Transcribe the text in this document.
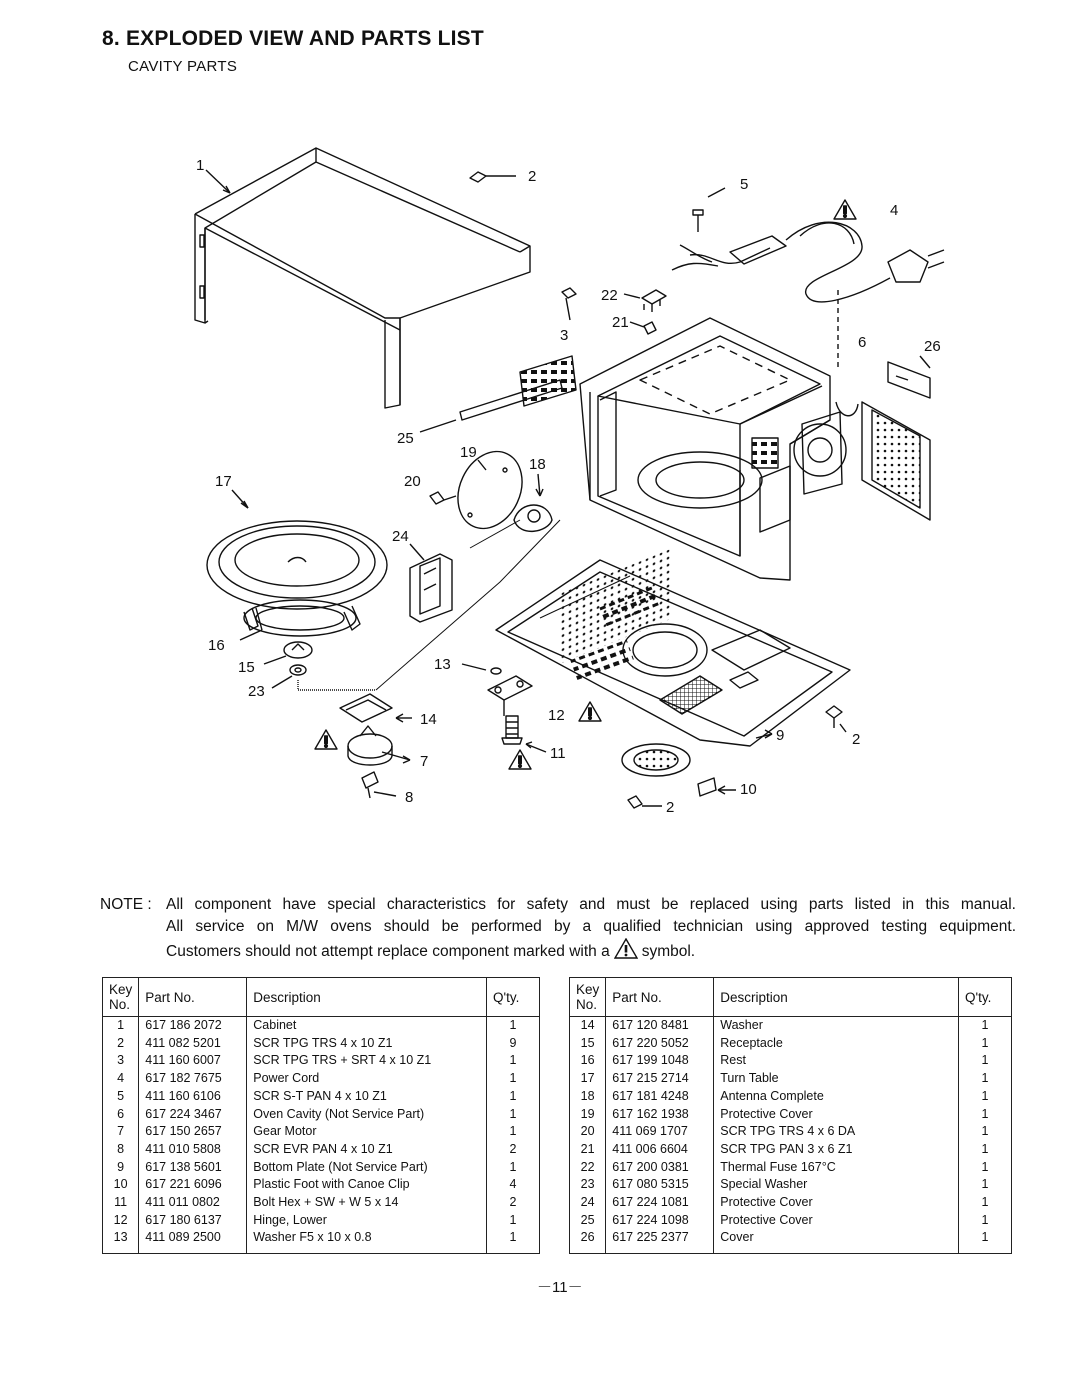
8. EXPLODED VIEW AND PARTS LIST
CAVITY PARTS
1
2	5
4
22
21
3	6	26
25
19
18
17	20
24
16
15	13
23
14	12
7	11
9	2
8	10
2
NOTE : All component have special characteristics for safety and must be replaced using parts listed in this manual.
All service on M/W ovens should be performed by a qualified technician using approved testing equipment.
Customers should not attempt replace component marked with a symbol.
Key
No.	Part No.	Description	Q'ty.
1	617 186 2072	Cabinet	1
2	411 082 5201	SCR TPG TRS 4 x 10 Z1	9
3	411 160 6007	SCR TPG TRS + SRT 4 x 10 Z1	1
4	617 182 7675	Power Cord	1
5	411 160 6106	SCR S-T PAN 4 x 10 Z1	1
6	617 224 3467	Oven Cavity (Not Service Part)	1
7	617 150 2657	Gear Motor	1
8	411 010 5808	SCR EVR PAN 4 x 10 Z1	2
9	617 138 5601	Bottom Plate (Not Service Part)	1
10	617 221 6096	Plastic Foot with Canoe Clip	4
11	411 011 0802	Bolt Hex + SW + W 5 x 14	2
12	617 180 6137	Hinge, Lower	1
13	411 089 2500	Washer F5 x 10 x 0.8	1
Key
No.	Part No.	Description	Q'ty.
14	617 120 8481	Washer	1
15	617 220 5052	Receptacle	1
16	617 199 1048	Rest	1
17	617 215 2714	Turn Table	1
18	617 181 4248	Antenna Complete	1
19	617 162 1938	Protective Cover	1
20	411 069 1707	SCR TPG TRS 4 x 6 DA	1
21	411 006 6604	SCR TPG PAN 3 x 6 Z1	1
22	617 200 0381	Thermal Fuse 167°C	1
23	617 080 5315	Special Washer	1
24	617 224 1081	Protective Cover	1
25	617 224 1098	Protective Cover	1
26	617 225 2377	Cover	1
－11－
